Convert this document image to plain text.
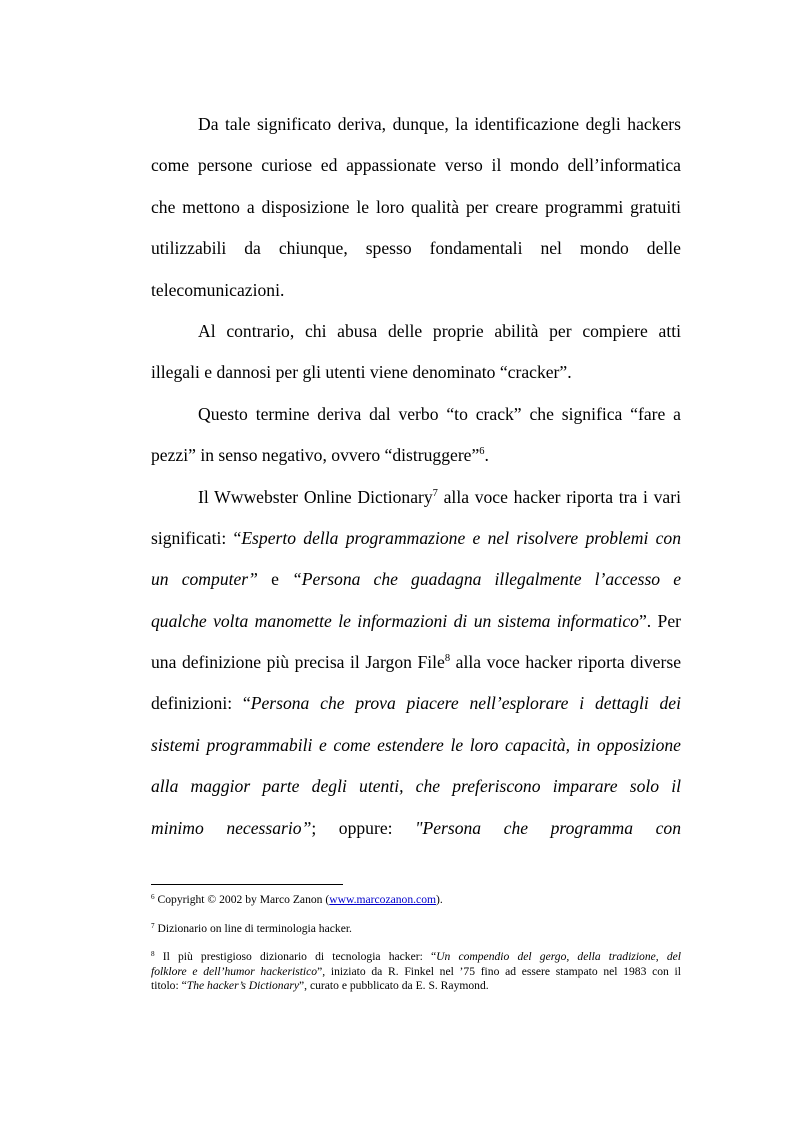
Da tale significato deriva, dunque, la identificazione degli hackers
come persone curiose ed appassionate verso il mondo dell’informatica
che mettono a disposizione le loro qualità per creare programmi gratuiti
utilizzabili da chiunque, spesso fondamentali nel mondo delle
telecomunicazioni.
Al contrario, chi abusa delle proprie abilità per compiere atti
illegali e dannosi per gli utenti viene denominato “cracker”.
Questo termine deriva dal verbo “to crack” che significa “fare a
pezzi” in senso negativo, ovvero “distruggere”$^6$.
Il Wwwebster Online Dictionary$^7$ alla voce hacker riporta tra i vari
significati: “Esperto della programmazione e nel risolvere problemi con
un computer” e “Persona che guadagna illegalmente l’accesso e
qualche volta manomette le informazioni di un sistema informatico”. Per
una definizione più precisa il Jargon File$^8$ alla voce hacker riporta diverse
definizioni: “Persona che prova piacere nell’esplorare i dettagli dei
sistemi programmabili e come estendere le loro capacità, in opposizione
alla maggior parte degli utenti, che preferiscono imparare solo il
minimo necessario”; oppure: "Persona che programma con
$^6$ Copyright © 2002 by Marco Zanon (www.marcozanon.com).
$^7$ Dizionario on line di terminologia hacker.
$^8$ Il più prestigioso dizionario di tecnologia hacker: “Un compendio del gergo, della tradizione, del
folklore e dell’humor hackeristico”, iniziato da R. Finkel nel ’75 fino ad essere stampato nel 1983 con il
titolo: “The hacker’s Dictionary”, curato e pubblicato da E. S. Raymond.
